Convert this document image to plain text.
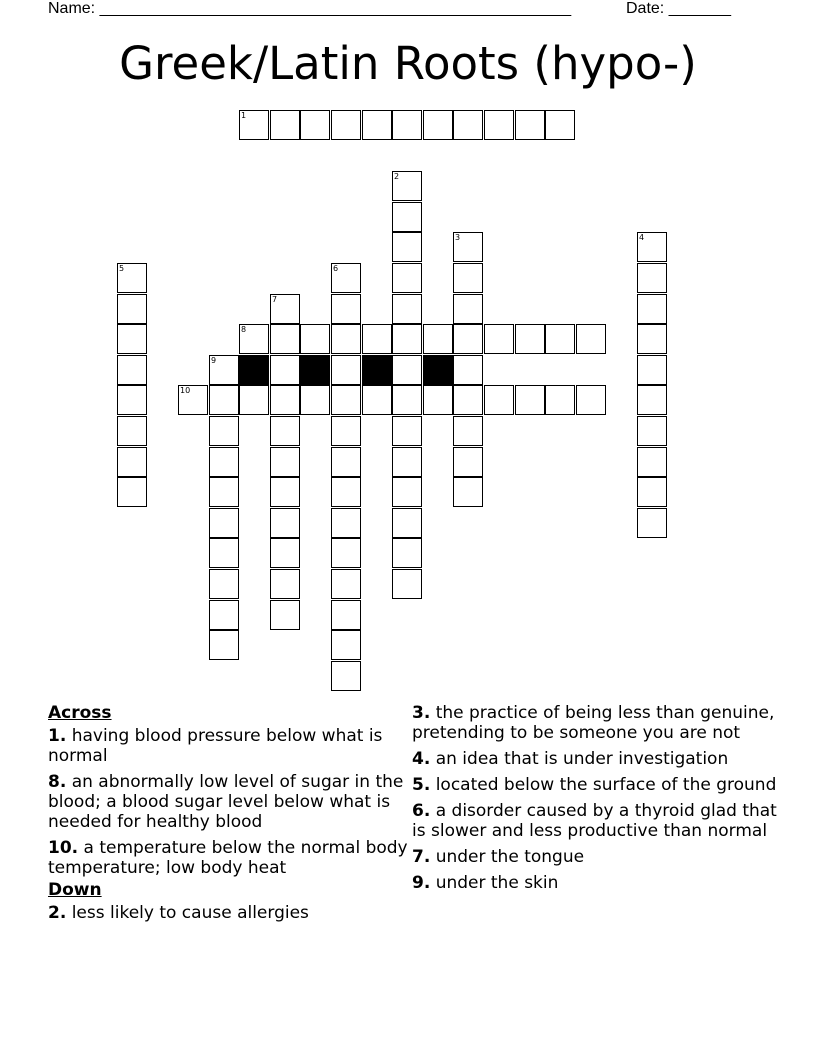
Name: _____________________________________________________	Date: _______
Greek/Latin Roots (hypo-)
1
2
3	4
5	6
7
8
9
10
Across
1. having blood pressure below what is normal
8. an abnormally low level of sugar in the blood; a blood sugar level below what is needed for healthy blood
10. a temperature below the normal body temperature; low body heat
Down
2. less likely to cause allergies
3. the practice of being less than genuine, pretending to be someone you are not
4. an idea that is under investigation
5. located below the surface of the ground
6. a disorder caused by a thyroid glad that is slower and less productive than normal
7. under the tongue
9. under the skin
